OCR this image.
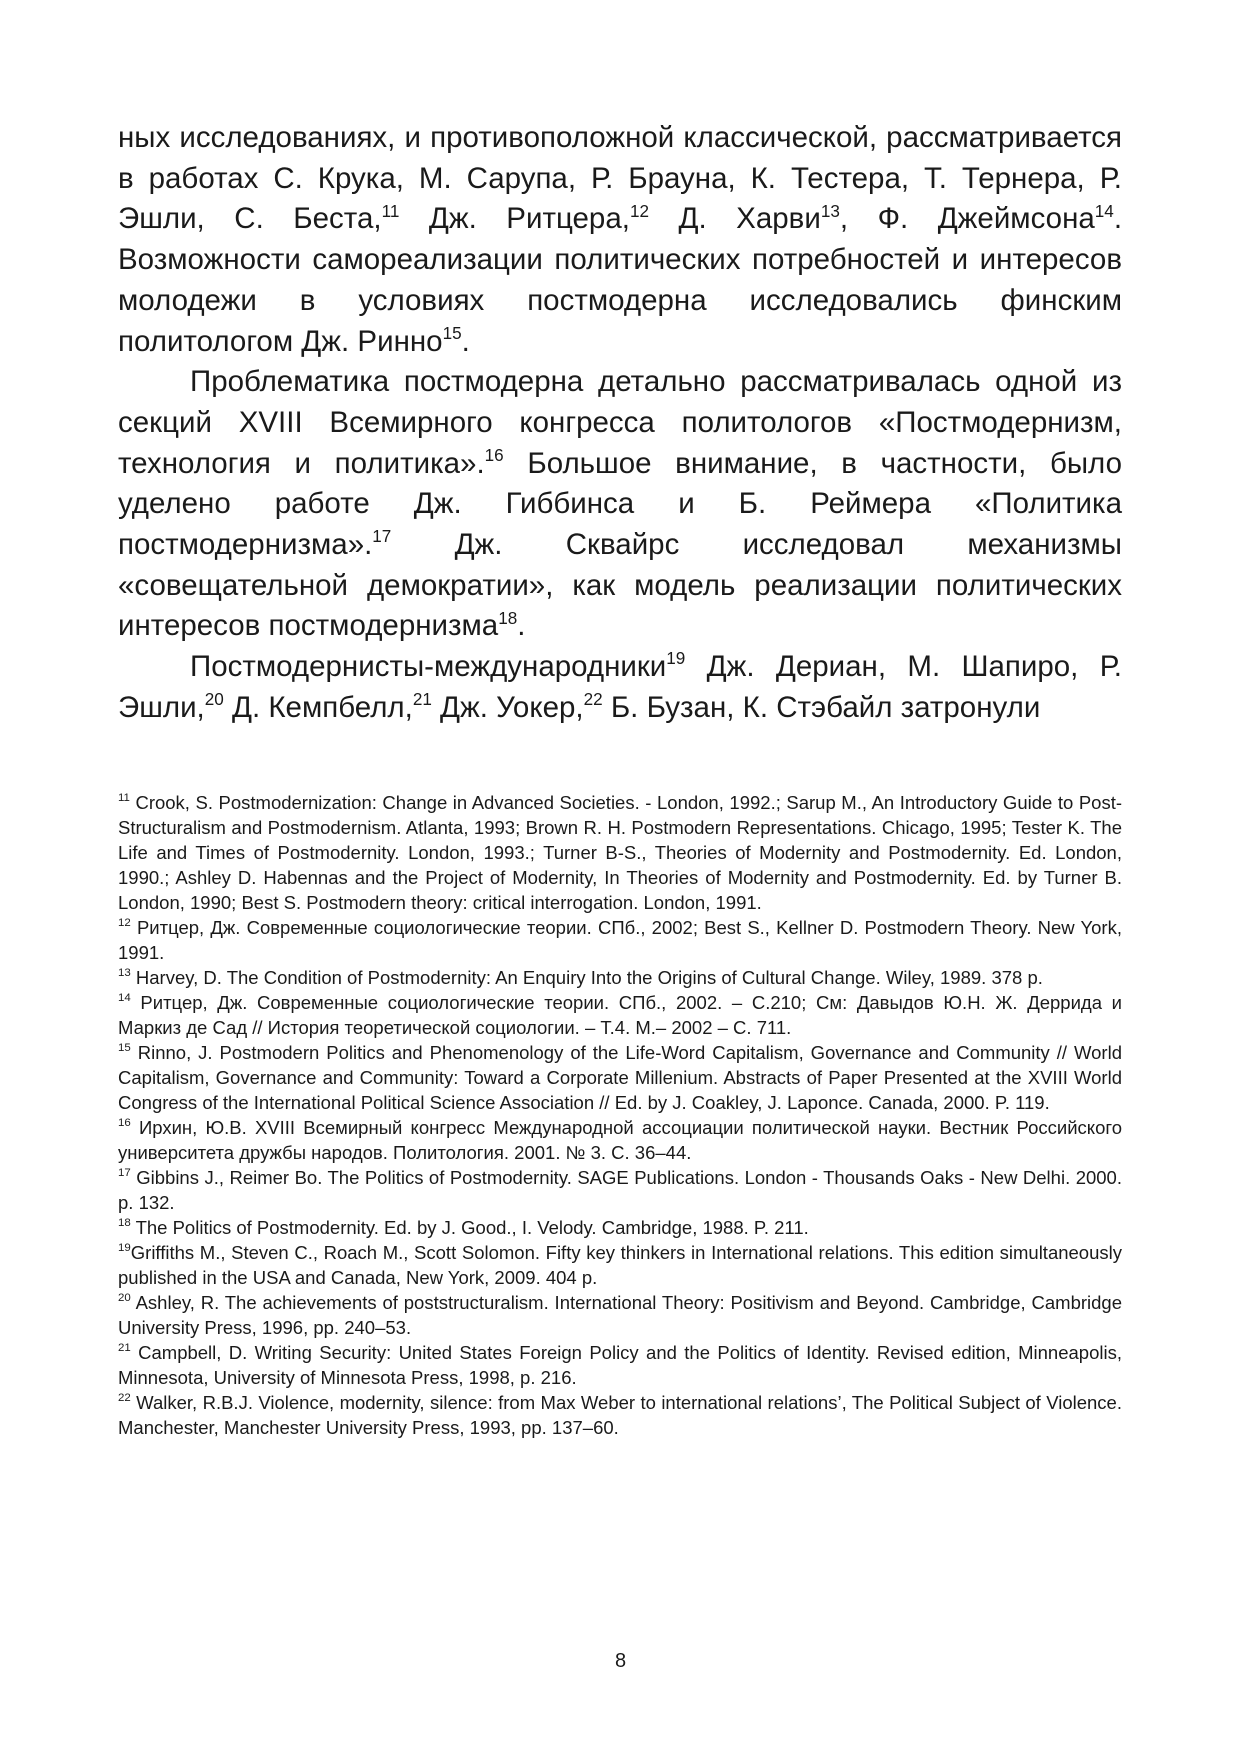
ных исследованиях, и противоположной классической, рассматривается в работах С. Крука, М. Сарупа, Р. Брауна, К. Тестера, Т. Тернера, Р. Эшли, С. Беста,$^{11}$ Дж. Ритцера,$^{12}$ Д. Харви$^{13}$, Ф. Джеймсона$^{14}$. Возможности самореализации политических потребностей и интересов молодежи в условиях постмодерна исследовались финским политологом Дж. Ринно$^{15}$.

Проблематика постмодерна детально рассматривалась одной из секций XVIII Всемирного конгресса политологов «Постмодернизм, технология и политика».$^{16}$ Большое внимание, в частности, было уделено работе Дж. Гиббинса и Б. Реймера «Политика постмодернизма».$^{17}$ Дж. Сквайрс исследовал механизмы «совещательной демократии», как модель реализации политических интересов постмодернизма$^{18}$.

Постмодернисты-международники$^{19}$ Дж. Дериан, М. Шапиро, Р. Эшли,$^{20}$ Д. Кемпбелл,$^{21}$ Дж. Уокер,$^{22}$ Б. Бузан, К. Стэбайл затронули

$^{11}$ Crook, S. Postmodernization: Change in Advanced Societies. - London, 1992.; Sarup M., An Introductory Guide to Post-Structuralism and Postmodernism. Atlanta, 1993; Brown R. H. Postmodern Representations. Chicago, 1995; Tester K. The Life and Times of Postmodernity. London, 1993.; Turner B-S., Theories of Modernity and Postmodernity. Ed. London, 1990.; Ashley D. Habennas and the Project of Modernity, In Theories of Modernity and Postmodernity. Ed. by Turner B. London, 1990; Best S. Postmodern theory: critical interrogation. London, 1991.

$^{12}$ Ритцер, Дж. Современные социологические теории. СПб., 2002; Best S., Kellner D. Postmodern Theory. New York, 1991.

$^{13}$ Harvey, D. The Condition of Postmodernity: An Enquiry Into the Origins of Cultural Change. Wiley, 1989. 378 p.

$^{14}$ Ритцер, Дж. Современные социологические теории. СПб., 2002. – С.210; См: Давыдов Ю.Н. Ж. Деррида и Маркиз де Сад // История теоретической социологии. – Т.4. М.– 2002 – С. 711.

$^{15}$ Rinno, J. Postmodern Politics and Phenomenology of the Life-Word Capitalism, Governance and Community // World Capitalism, Governance and Community: Toward a Corporate Millenium. Abstracts of Paper Presented at the XVIII World Congress of the International Political Science Association // Ed. by J. Coakley, J. Laponce. Canada, 2000. P. 119.

$^{16}$ Ирхин, Ю.В. XVIII Всемирный конгресс Международной ассоциации политической науки. Вестник Российского университета дружбы народов. Политология. 2001. № 3. С. 36–44.

$^{17}$ Gibbins J., Reimer Bo. The Politics of Postmodernity. SAGE Publications. London - Thousands Oaks - New Delhi. 2000. p. 132.

$^{18}$ The Politics of Postmodernity. Ed. by J. Good., I. Velody. Cambridge, 1988. P. 211.

$^{19}$Griffiths M., Steven C., Roach M., Scott Solomon. Fifty key thinkers in International relations. This edition simultaneously published in the USA and Canada, New York, 2009. 404 p.

$^{20}$ Ashley, R. The achievements of poststructuralism. International Theory: Positivism and Beyond. Cambridge, Cambridge University Press, 1996, pp. 240–53.

$^{21}$ Campbell, D. Writing Security: United States Foreign Policy and the Politics of Identity. Revised edition, Minneapolis, Minnesota, University of Minnesota Press, 1998, p. 216.

$^{22}$ Walker, R.B.J. Violence, modernity, silence: from Max Weber to international relations’, The Political Subject of Violence. Manchester, Manchester University Press, 1993, pp. 137–60.

8
